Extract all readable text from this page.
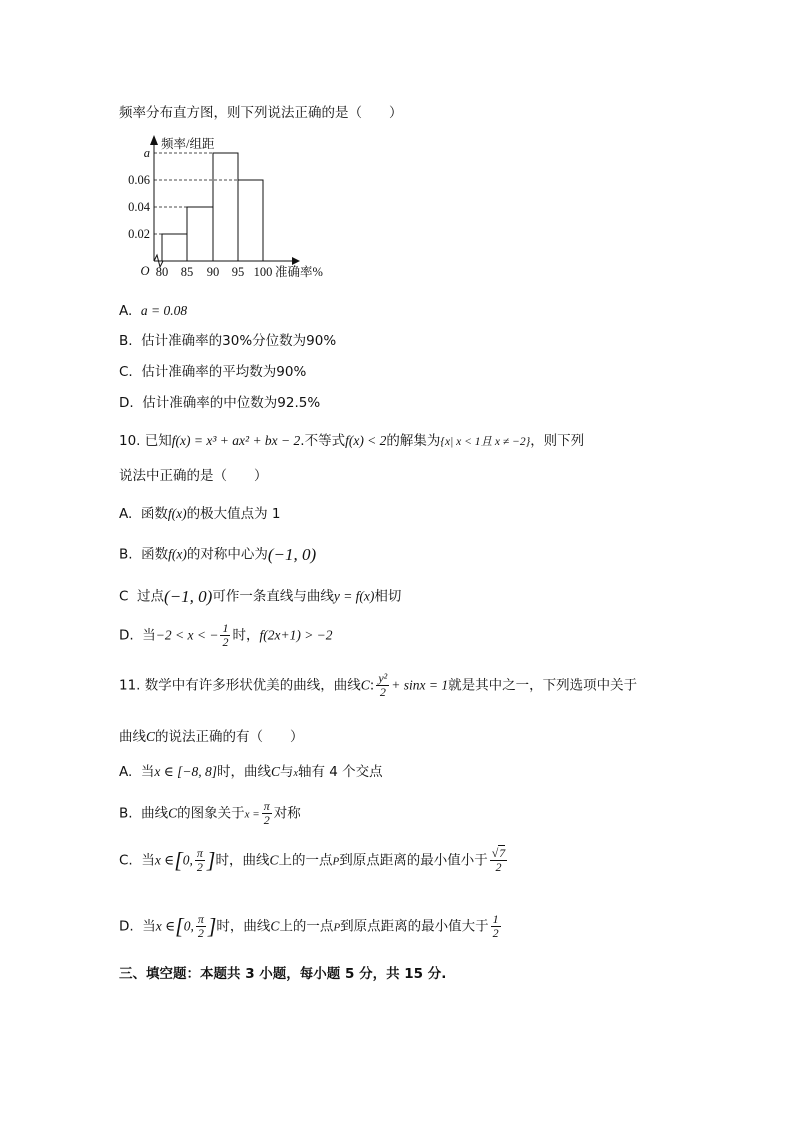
频率分布直方图，则下列说法正确的是（　　）
a
0.06
0.04
0.02
80 85 90 95 100
O
频率/组距
准确率%
A. a = 0.08
B. 估计准确率的30%分位数为90%
C. 估计准确率的平均数为90%
D. 估计准确率的中位数为92.5%
10. 已知f(x) = x³ + ax² + bx − 2.不等式f(x) < 2的解集为{x| x < 1且 x ≠ −2}，则下列
说法中正确的是（　　）
A. 函数f(x)的极大值点为 1
B. 函数f(x)的对称中心为(−1, 0)
C 过点(−1, 0)可作一条直线与曲线y = f(x)相切
D. 当−2 < x < − $\frac{1}{2}$ 时，f(2x+1) > −2
11. 数学中有许多形状优美的曲线，曲线C: $\frac{\text{y²}}{2} + \sin x = 1$就是其中之一，下列选项中关于
曲线C的说法正确的有（　　）
A. 当x ∈ [−8, 8]时，曲线C与x轴有 4 个交点
B. 曲线C的图象关于$x = \frac{\pi}{2}$ 对称
C. 当x ∈[0, $\frac{\pi}{2}$ ]时，曲线C上的一点P到原点距离的最小值小于 $\frac{√7}{2}$
D. 当x ∈[0, $\frac{\pi}{2}$ ]时，曲线C上的一点P到原点距离的最小值大于 $\frac{1}{2}$
三、填空题：本题共 3 小题，每小题 5 分，共 15 分.
